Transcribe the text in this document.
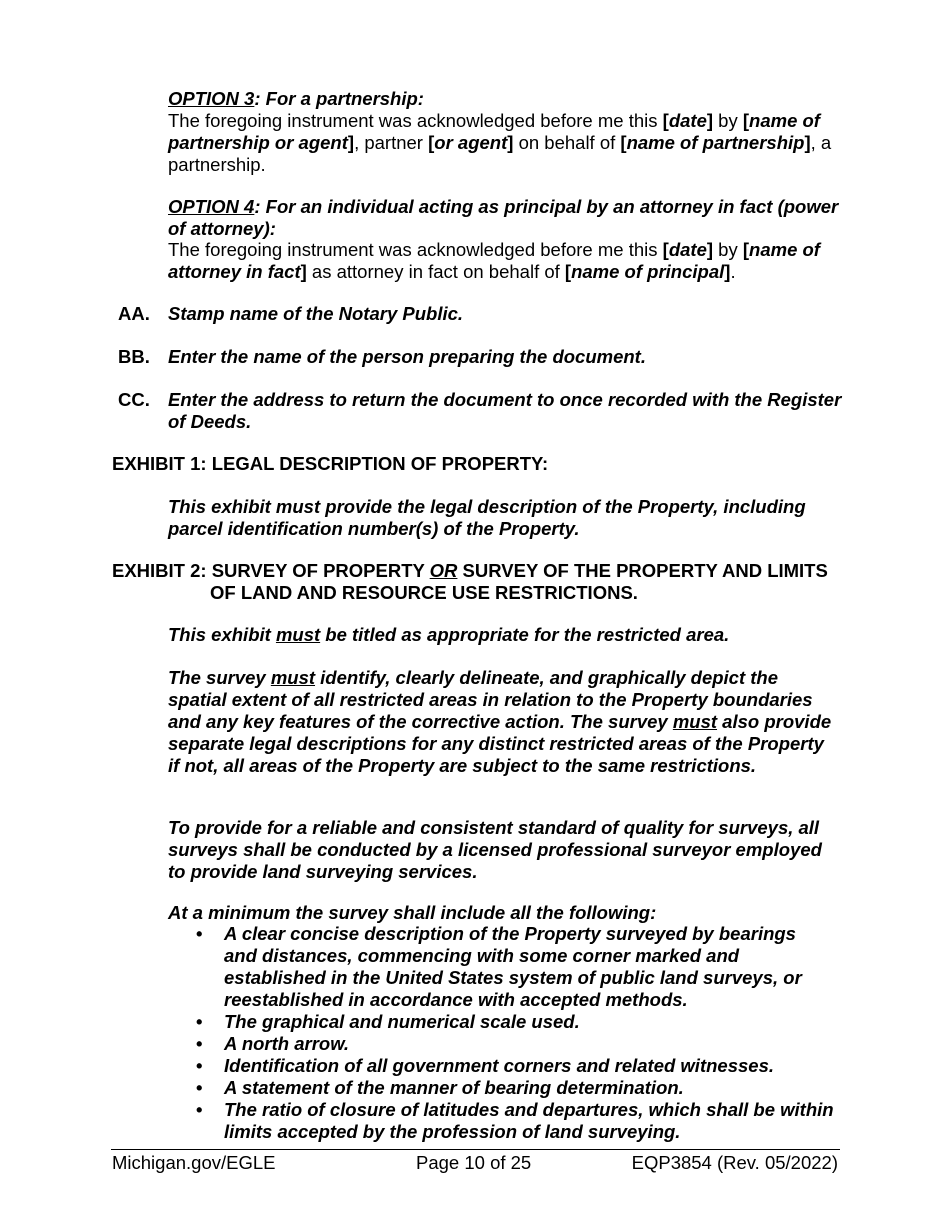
OPTION 3: For a partnership:
The foregoing instrument was acknowledged before me this [date] by [name of partnership or agent], partner [or agent] on behalf of [name of partnership], a partnership.
OPTION 4: For an individual acting as principal by an attorney in fact (power of attorney):
The foregoing instrument was acknowledged before me this [date] by [name of attorney in fact] as attorney in fact on behalf of [name of principal].
AA. Stamp name of the Notary Public.
BB. Enter the name of the person preparing the document.
CC. Enter the address to return the document to once recorded with the Register of Deeds.
EXHIBIT 1: LEGAL DESCRIPTION OF PROPERTY:
This exhibit must provide the legal description of the Property, including parcel identification number(s) of the Property.
EXHIBIT 2: SURVEY OF PROPERTY OR SURVEY OF THE PROPERTY AND LIMITS
OF LAND AND RESOURCE USE RESTRICTIONS.
This exhibit must be titled as appropriate for the restricted area.
The survey must identify, clearly delineate, and graphically depict the spatial extent of all restricted areas in relation to the Property boundaries and any key features of the corrective action. The survey must also provide separate legal descriptions for any distinct restricted areas of the Property if not, all areas of the Property are subject to the same restrictions.
To provide for a reliable and consistent standard of quality for surveys, all surveys shall be conducted by a licensed professional surveyor employed to provide land surveying services.
At a minimum the survey shall include all the following:
• A clear concise description of the Property surveyed by bearings and distances, commencing with some corner marked and established in the United States system of public land surveys, or reestablished in accordance with accepted methods.
• The graphical and numerical scale used.
• A north arrow.
• Identification of all government corners and related witnesses.
• A statement of the manner of bearing determination.
• The ratio of closure of latitudes and departures, which shall be within limits accepted by the profession of land surveying.
Michigan.gov/EGLE	Page 10 of 25	EQP3854 (Rev. 05/2022)
